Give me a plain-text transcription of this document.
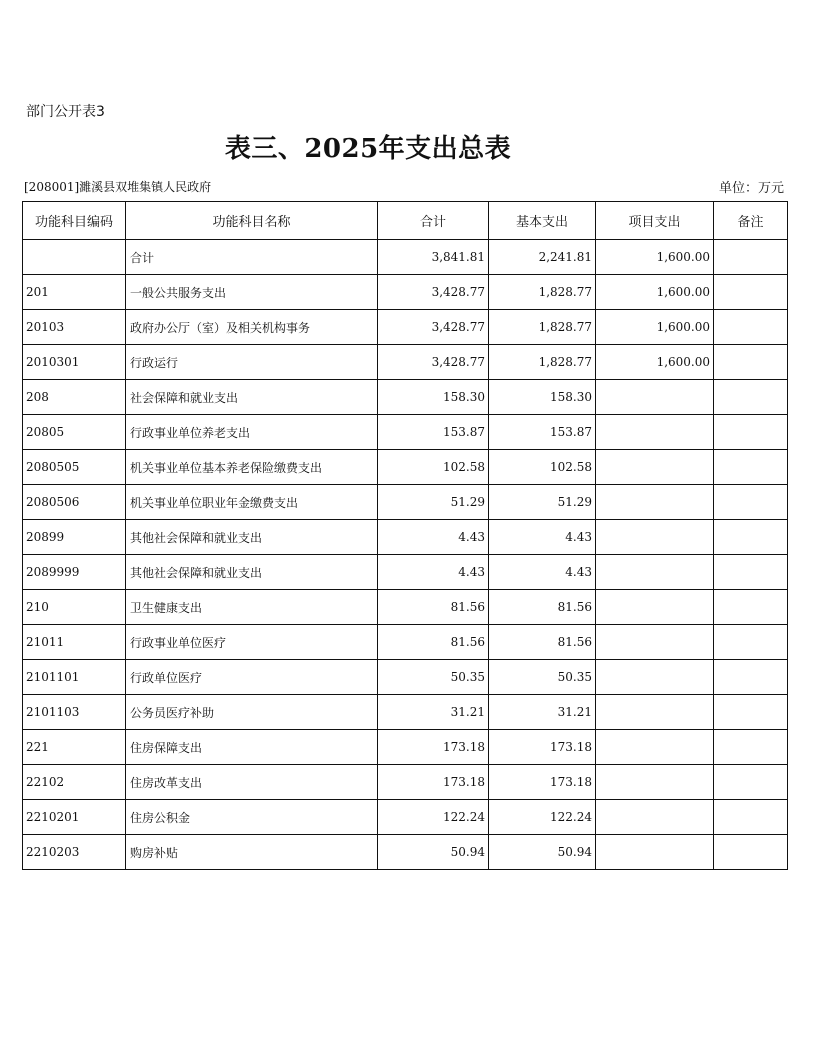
部门公开表3
表三、2025年支出总表
[208001]濉溪县双堆集镇人民政府	单位：万元
功能科目编码	功能科目名称	合计	基本支出	项目支出	备注
	合计	3,841.81	2,241.81	1,600.00	
201	一般公共服务支出	3,428.77	1,828.77	1,600.00	
20103	政府办公厅（室）及相关机构事务	3,428.77	1,828.77	1,600.00	
2010301	行政运行	3,428.77	1,828.77	1,600.00	
208	社会保障和就业支出	158.30	158.30		
20805	行政事业单位养老支出	153.87	153.87		
2080505	机关事业单位基本养老保险缴费支出	102.58	102.58		
2080506	机关事业单位职业年金缴费支出	51.29	51.29		
20899	其他社会保障和就业支出	4.43	4.43		
2089999	其他社会保障和就业支出	4.43	4.43		
210	卫生健康支出	81.56	81.56		
21011	行政事业单位医疗	81.56	81.56		
2101101	行政单位医疗	50.35	50.35		
2101103	公务员医疗补助	31.21	31.21		
221	住房保障支出	173.18	173.18		
22102	住房改革支出	173.18	173.18		
2210201	住房公积金	122.24	122.24		
2210203	购房补贴	50.94	50.94		
